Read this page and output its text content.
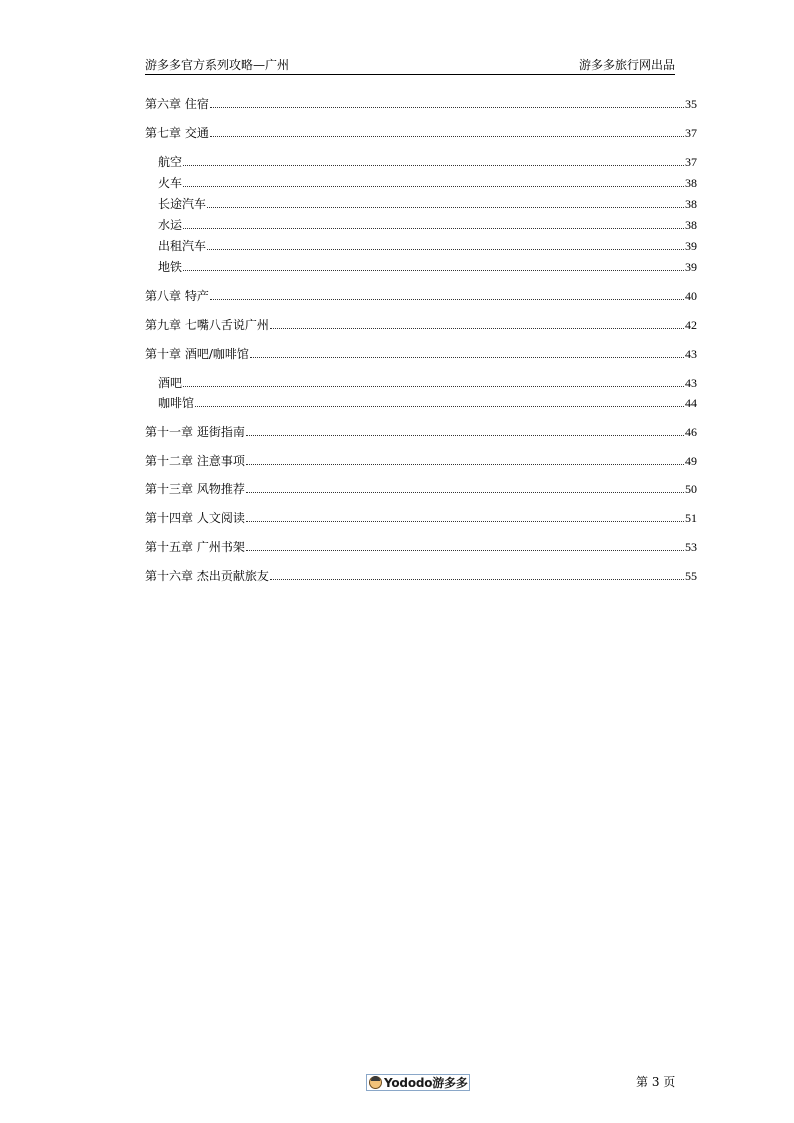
游多多官方系列攻略—广州	游多多旅行网出品
第六章 住宿	35
第七章 交通	37
航空	37
火车	38
长途汽车	38
水运	38
出租汽车	39
地铁	39
第八章 特产	40
第九章 七嘴八舌说广州	42
第十章 酒吧/咖啡馆	43
酒吧	43
咖啡馆	44
第十一章 逛街指南	46
第十二章 注意事项	49
第十三章 风物推荐	50
第十四章 人文阅读	51
第十五章 广州书架	53
第十六章 杰出贡献旅友	55
Yododo游多多	第 3 页
